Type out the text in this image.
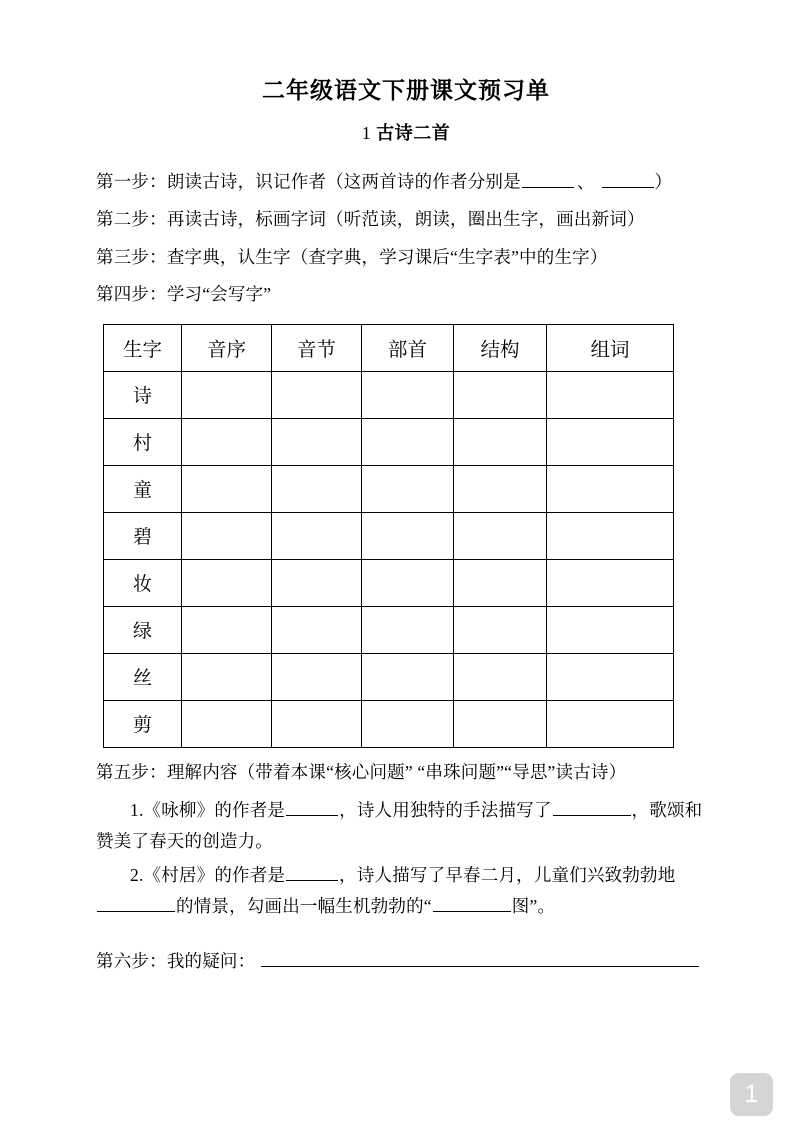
二年级语文下册课文预习单
1 古诗二首

第一步：朗读古诗，识记作者（这两首诗的作者分别是	、	）

第二步：再读古诗，标画字词（听范读，朗读，圈出生字，画出新词）

第三步：查字典，认生字（查字典，学习课后“生字表”中的生字）

第四步：学习“会写字”

生字	音序	音节	部首	结构	组词
诗					
村					
童					
碧					
妆					
绿					
丝					
剪					

第五步：理解内容（带着本课“核心问题” “串珠问题”“导思”读古诗）

1.《咏柳》的作者是	，诗人用独特的手法描写了	，歌颂和赞美了春天的创造力。

2.《村居》的作者是	，诗人描写了早春二月，儿童们兴致勃勃地的情景，勾画出一幅生机勃勃的“	图”。

第六步：我的疑问：

1
